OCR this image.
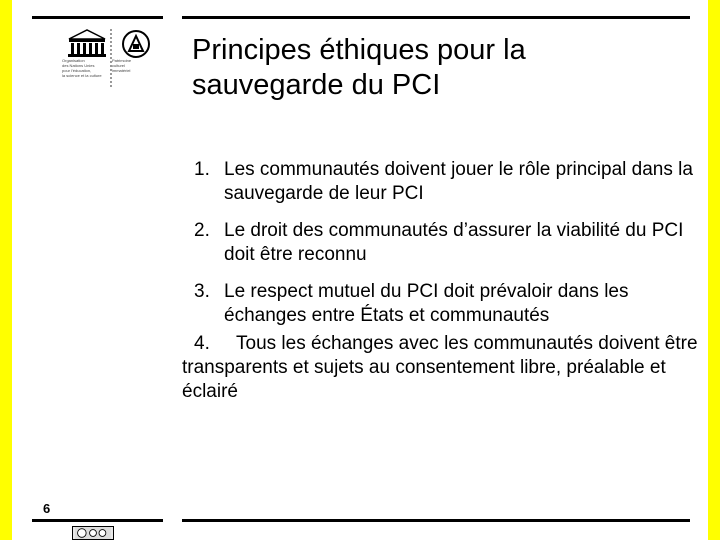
Organisation
des Nations Unies
pour l'éducation,
la science et la culture
Patrimoine
culturel
immatériel
Principes éthiques pour la sauvegarde du PCI
1. Les communautés doivent jouer le rôle principal dans la sauvegarde de leur PCI
2. Le droit des communautés d’assurer la viabilité du PCI doit être reconnu
3. Le respect mutuel du PCI doit prévaloir dans les échanges entre États et communautés
4. Tous les échanges avec les communautés doivent être transparents et sujets au consentement libre, préalable et éclairé
6
